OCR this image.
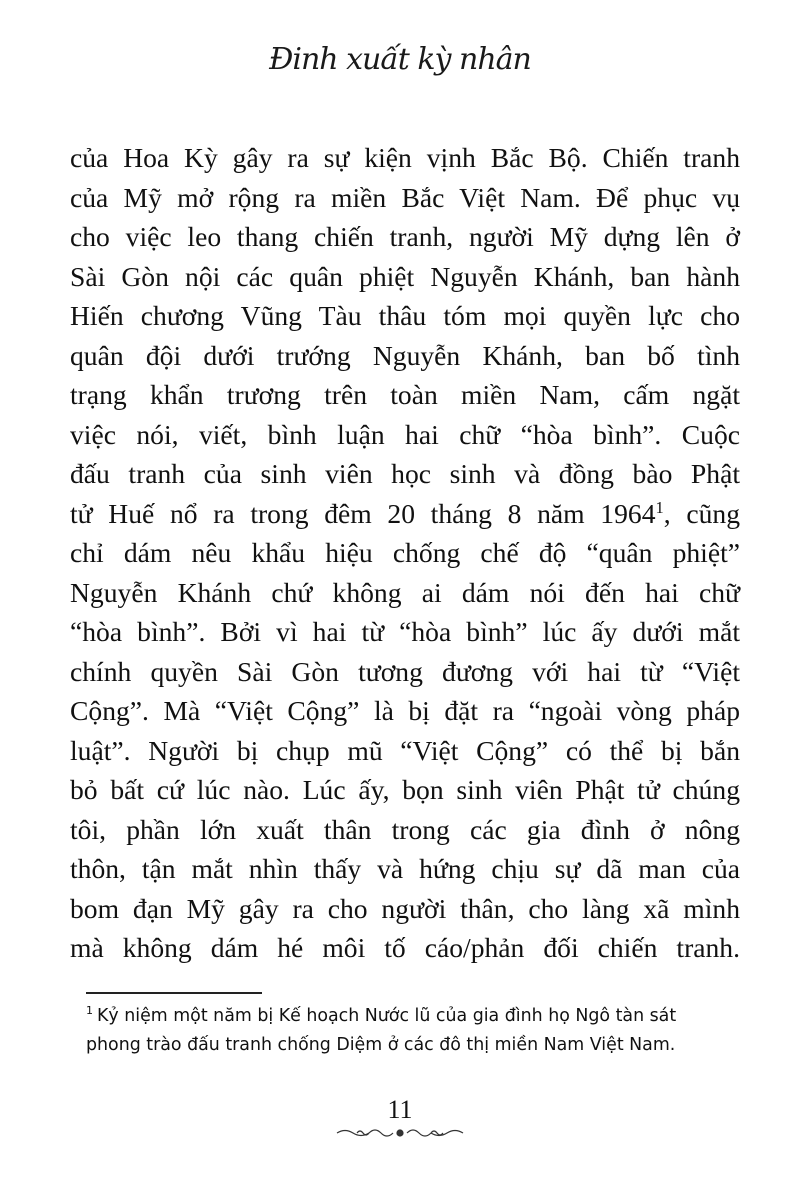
Đinh xuất kỳ nhân
của Hoa Kỳ gây ra sự kiện vịnh Bắc Bộ. Chiến tranh
của Mỹ mở rộng ra miền Bắc Việt Nam. Để phục vụ
cho việc leo thang chiến tranh, người Mỹ dựng lên ở
Sài Gòn nội các quân phiệt Nguyễn Khánh, ban hành
Hiến chương Vũng Tàu thâu tóm mọi quyền lực cho
quân đội dưới trướng Nguyễn Khánh, ban bố tình
trạng khẩn trương trên toàn miền Nam, cấm ngặt
việc nói, viết, bình luận hai chữ “hòa bình”. Cuộc
đấu tranh của sinh viên học sinh và đồng bào Phật
tử Huế nổ ra trong đêm 20 tháng 8 năm 1964$^1$, cũng
chỉ dám nêu khẩu hiệu chống chế độ “quân phiệt”
Nguyễn Khánh chứ không ai dám nói đến hai chữ
“hòa bình”. Bởi vì hai từ “hòa bình” lúc ấy dưới mắt
chính quyền Sài Gòn tương đương với hai từ “Việt
Cộng”. Mà “Việt Cộng” là bị đặt ra “ngoài vòng pháp
luật”. Người bị chụp mũ “Việt Cộng” có thể bị bắn
bỏ bất cứ lúc nào. Lúc ấy, bọn sinh viên Phật tử chúng
tôi, phần lớn xuất thân trong các gia đình ở nông
thôn, tận mắt nhìn thấy và hứng chịu sự dã man của
bom đạn Mỹ gây ra cho người thân, cho làng xã mình
mà không dám hé môi tố cáo/phản đối chiến tranh.
$^1$ Kỷ niệm một năm bị Kế hoạch Nước lũ của gia đình họ Ngô tàn sát
phong trào đấu tranh chống Diệm ở các đô thị miền Nam Việt Nam.
11
